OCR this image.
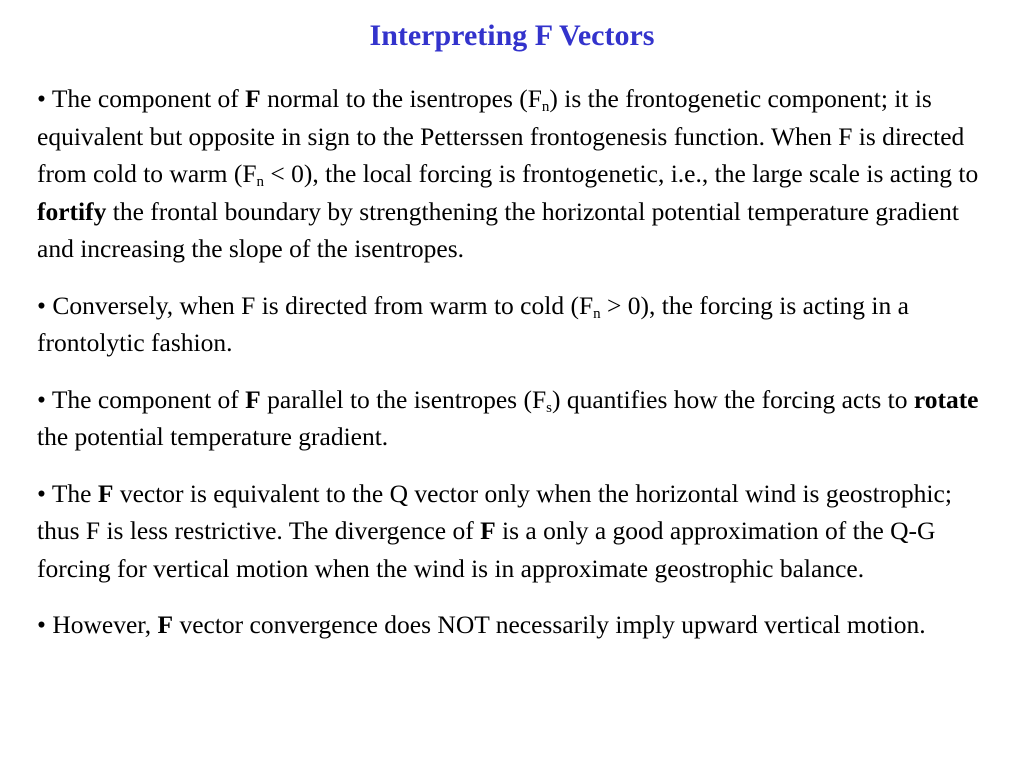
Interpreting F Vectors

• The component of F normal to the isentropes $(F_n)$ is the frontogenetic component; it is equivalent but opposite in sign to the Petterssen frontogenesis function. When F is directed from cold to warm $(F_n < 0)$, the local forcing is frontogenetic, i.e., the large scale is acting to fortify the frontal boundary by strengthening the horizontal potential temperature gradient and increasing the slope of the isentropes.

• Conversely, when F is directed from warm to cold $(F_n > 0)$, the forcing is acting in a frontolytic fashion.

• The component of F parallel to the isentropes $(F_s)$ quantifies how the forcing acts to rotate the potential temperature gradient.

• The F vector is equivalent to the Q vector only when the horizontal wind is geostrophic; thus F is less restrictive. The divergence of F is a only a good approximation of the Q-G forcing for vertical motion when the wind is in approximate geostrophic balance.

• However, F vector convergence does NOT necessarily imply upward vertical motion.
